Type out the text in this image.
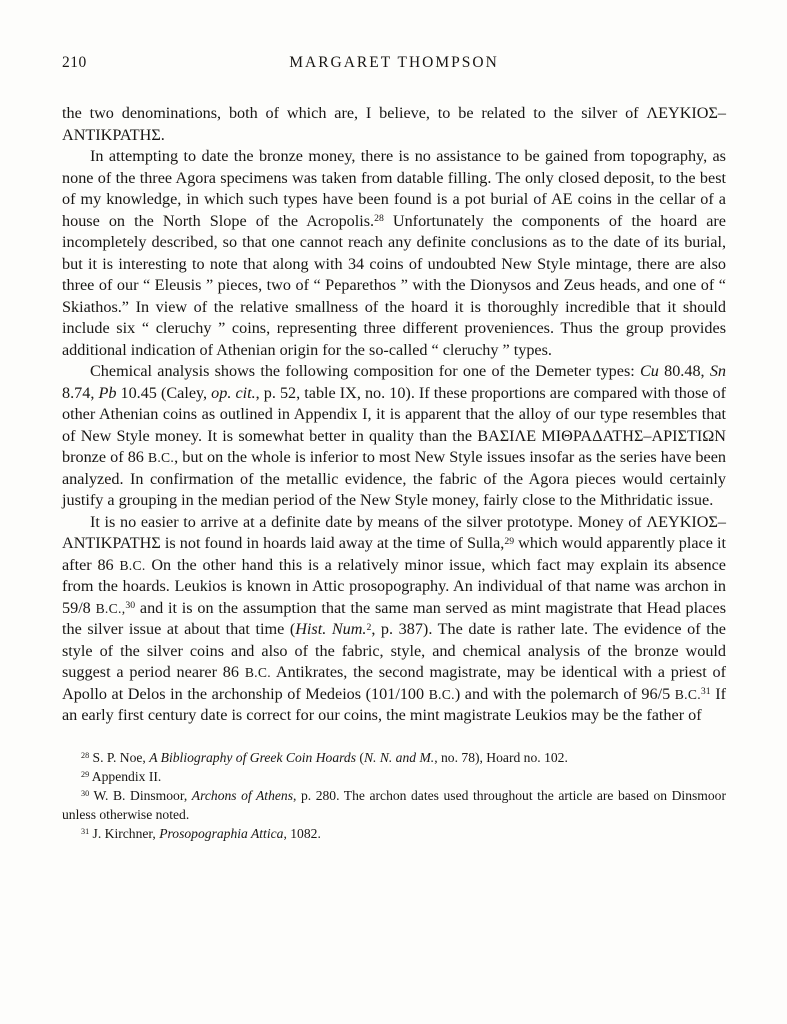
210	MARGARET THOMPSON

the two denominations, both of which are, I believe, to be related to the silver of ΛΕΥΚΙΟΣ–ΑΝΤΙΚΡΑΤΗΣ.

In attempting to date the bronze money, there is no assistance to be gained from topography, as none of the three Agora specimens was taken from datable filling. The only closed deposit, to the best of my knowledge, in which such types have been found is a pot burial of AE coins in the cellar of a house on the North Slope of the Acropolis.$^{28}$ Unfortunately the components of the hoard are incompletely described, so that one cannot reach any definite conclusions as to the date of its burial, but it is interesting to note that along with 34 coins of undoubted New Style mintage, there are also three of our “ Eleusis ” pieces, two of “ Peparethos ” with the Dionysos and Zeus heads, and one of “ Skiathos.” In view of the relative smallness of the hoard it is thoroughly incredible that it should include six “ cleruchy ” coins, representing three different proveniences. Thus the group provides additional indication of Athenian origin for the so-called “ cleruchy ” types.

Chemical analysis shows the following composition for one of the Demeter types: Cu 80.48, Sn 8.74, Pb 10.45 (Caley, op. cit., p. 52, table IX, no. 10). If these proportions are compared with those of other Athenian coins as outlined in Appendix I, it is apparent that the alloy of our type resembles that of New Style money. It is somewhat better in quality than the ΒΑΣΙΛΕ ΜΙΘΡΑΔΑΤΗΣ–ΑΡΙΣΤΙΩΝ bronze of 86 B.C., but on the whole is inferior to most New Style issues insofar as the series have been analyzed. In confirmation of the metallic evidence, the fabric of the Agora pieces would certainly justify a grouping in the median period of the New Style money, fairly close to the Mithridatic issue.

It is no easier to arrive at a definite date by means of the silver prototype. Money of ΛΕΥΚΙΟΣ–ΑΝΤΙΚΡΑΤΗΣ is not found in hoards laid away at the time of Sulla,$^{29}$ which would apparently place it after 86 B.C. On the other hand this is a relatively minor issue, which fact may explain its absence from the hoards. Leukios is known in Attic prosopography. An individual of that name was archon in 59/8 B.C.,$^{30}$ and it is on the assumption that the same man served as mint magistrate that Head places the silver issue at about that time (Hist. Num.$^2$, p. 387). The date is rather late. The evidence of the style of the silver coins and also of the fabric, style, and chemical analysis of the bronze would suggest a period nearer 86 B.C. Antikrates, the second magistrate, may be identical with a priest of Apollo at Delos in the archonship of Medeios (101/100 B.C.) and with the polemarch of 96/5 B.C.$^{31}$ If an early first century date is correct for our coins, the mint magistrate Leukios may be the father of

$^{28}$ S. P. Noe, A Bibliography of Greek Coin Hoards (N. N. and M., no. 78), Hoard no. 102.

$^{29}$ Appendix II.

$^{30}$ W. B. Dinsmoor, Archons of Athens, p. 280. The archon dates used throughout the article are based on Dinsmoor unless otherwise noted.

$^{31}$ J. Kirchner, Prosopographia Attica, 1082.
